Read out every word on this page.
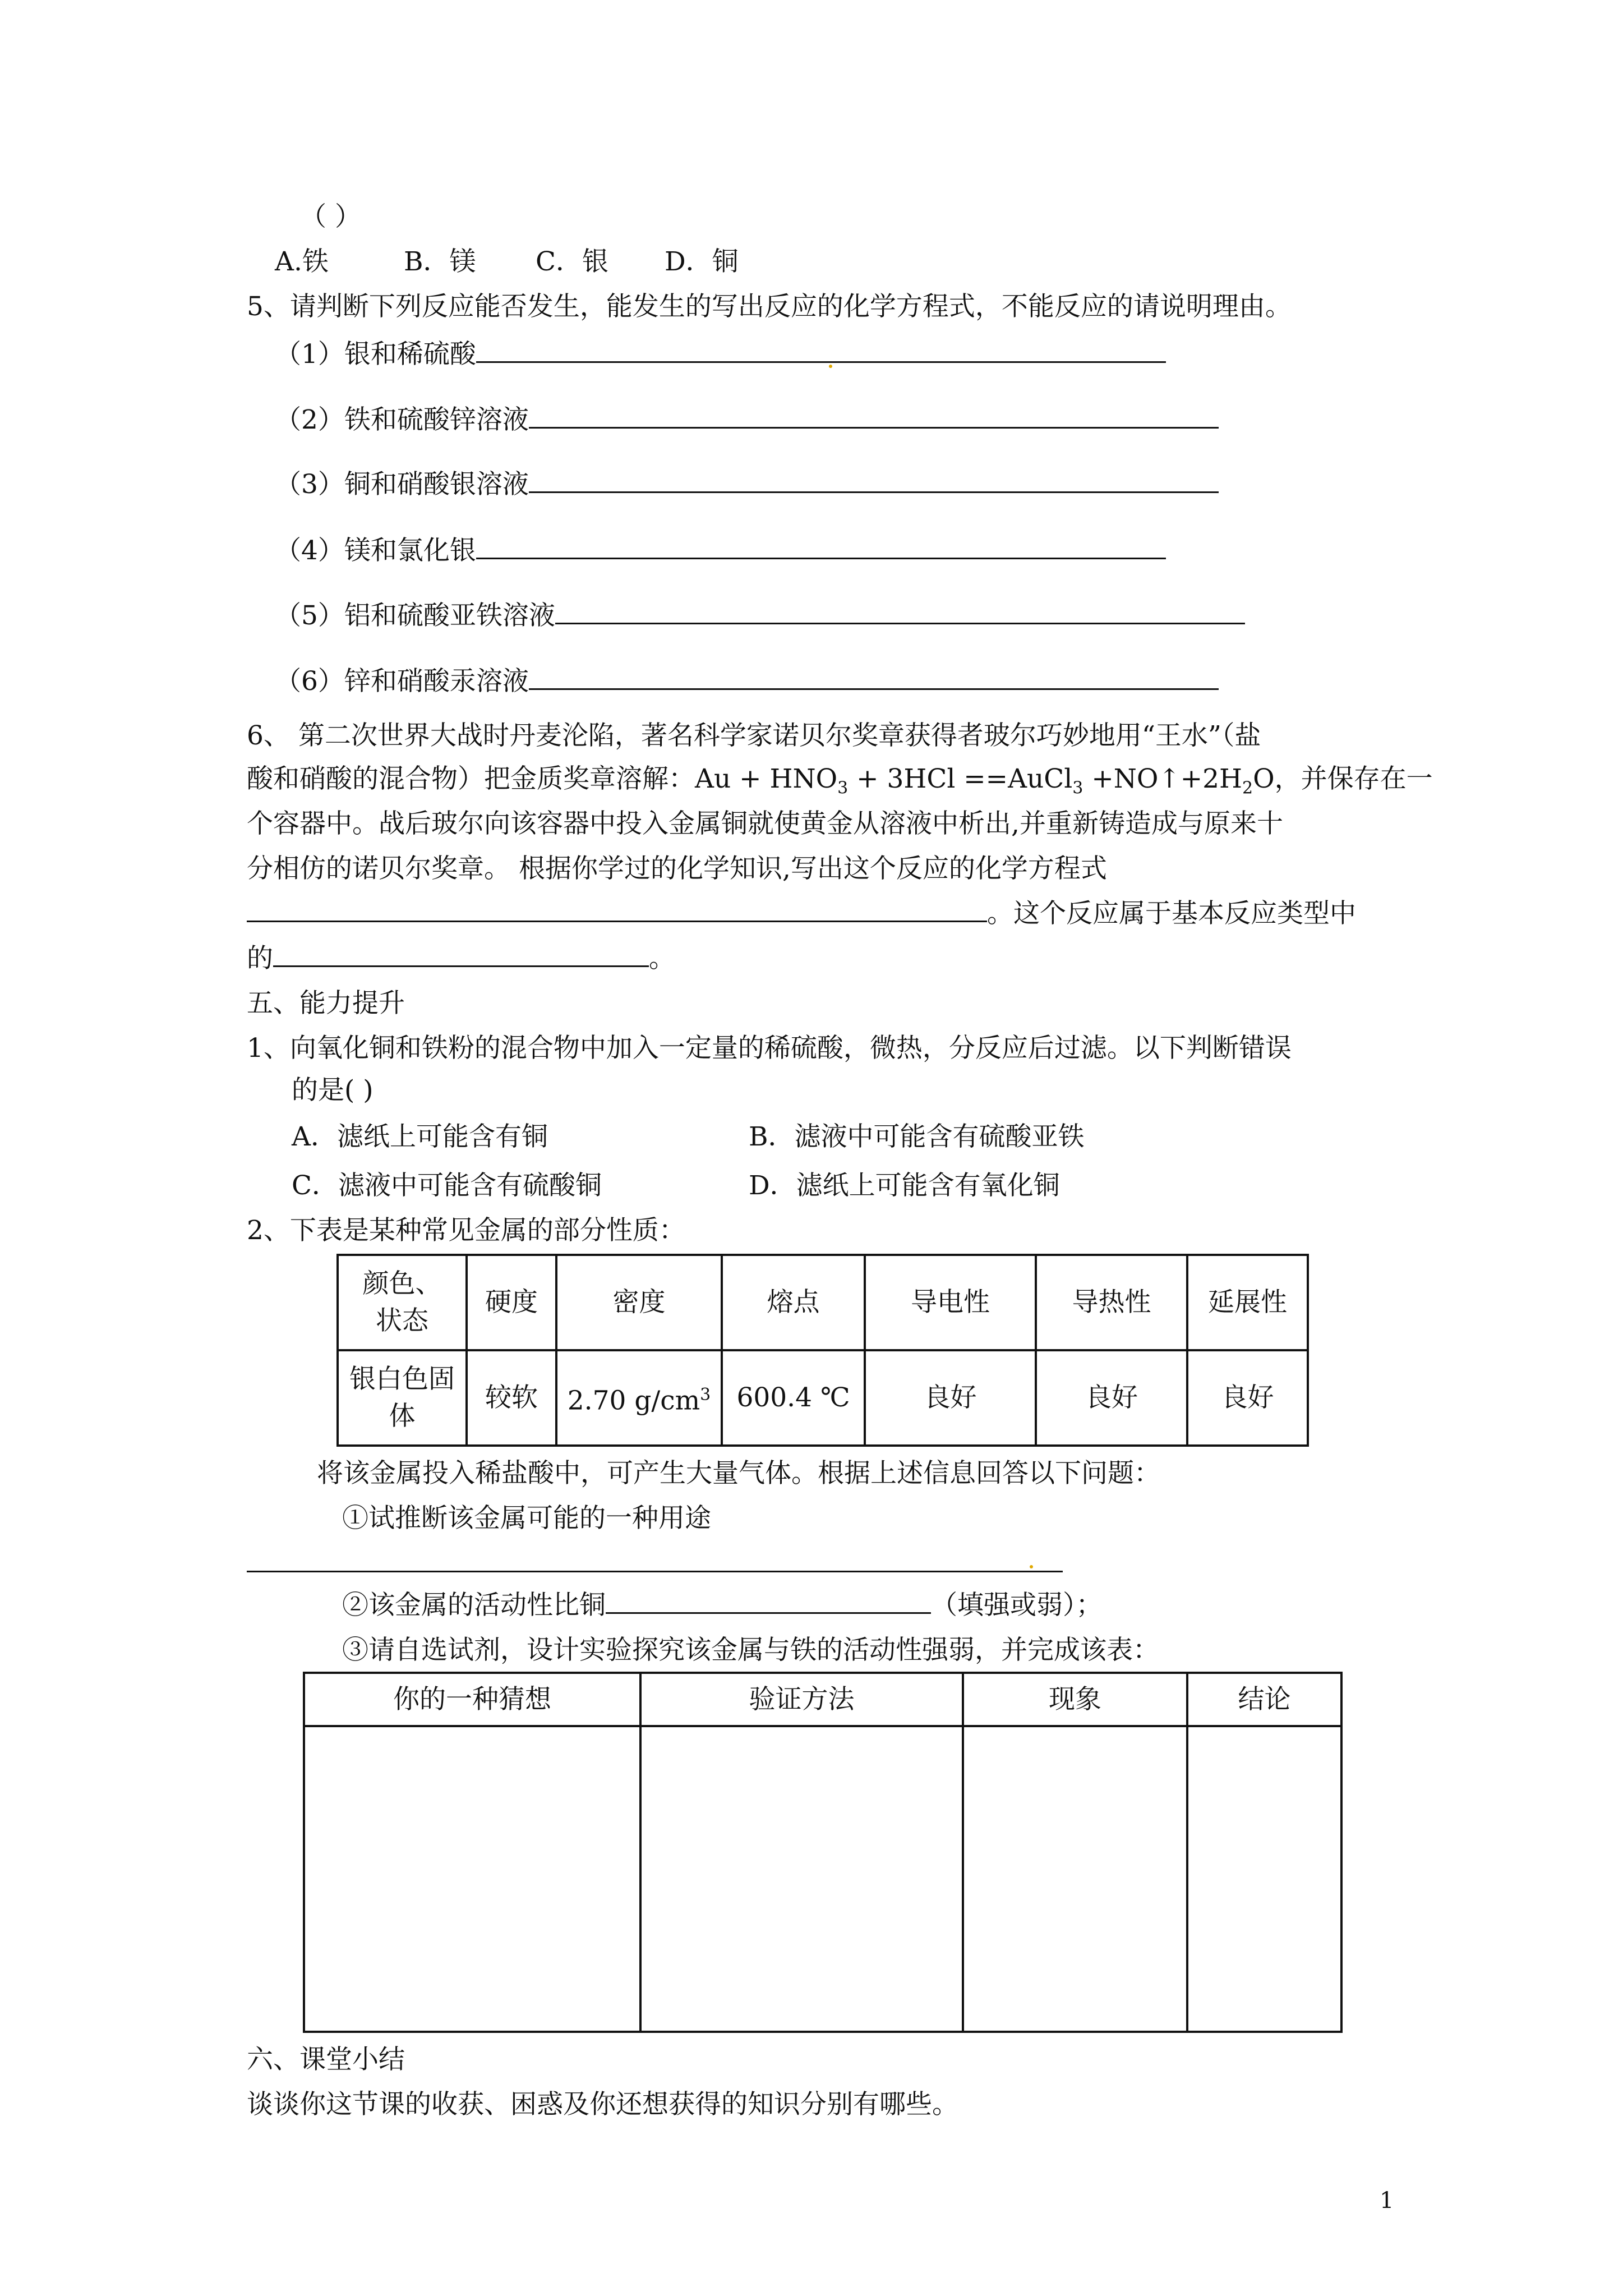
（ ）
A.铁	B．镁 C．银 D．铜
5、请判断下列反应能否发生，能发生的写出反应的化学方程式，不能反应的请说明理由。
（1）银和稀硫酸
（2）铁和硫酸锌溶液
（3）铜和硝酸银溶液
（4）镁和氯化银
（5）铝和硫酸亚铁溶液
（6）锌和硝酸汞溶液
6、 第二次世界大战时丹麦沦陷，著名科学家诺贝尔奖章获得者玻尔巧妙地用“王水”（盐
酸和硝酸的混合物）把金质奖章溶解：$Au + HNO_3 + 3HCl$ ==AuCl$_3$ $+NO↑+2H_2O$，并保存在一
个容器中。战后玻尔向该容器中投入金属铜就使黄金从溶液中析出,并重新铸造成与原来十
分相仿的诺贝尔奖章。 根据你学过的化学知识,写出这个反应的化学方程式
。这个反应属于基本反应类型中
的	。
五、能力提升
1、向氧化铜和铁粉的混合物中加入一定量的稀硫酸，微热，分反应后过滤。以下判断错误
的是( )
A．滤纸上可能含有铜	B．滤液中可能含有硫酸亚铁
C．滤液中可能含有硫酸铜	D．滤纸上可能含有氧化铜
2、下表是某种常见金属的部分性质：
颜色、
状态	硬度	密度	熔点	导电性	导热性	延展性
银白色固
体	较软	2.70 $g/cm^3$	600.4 ℃	良好	良好	良好
将该金属投入稀盐酸中，可产生大量气体。根据上述信息回答以下问题：
①试推断该金属可能的一种用途
②该金属的活动性比铜	（填强或弱）；
③请自选试剂，设计实验探究该金属与铁的活动性强弱，并完成该表：
你的一种猜想	验证方法	现象	结论

六、课堂小结
谈谈你这节课的收获、困惑及你还想获得的知识分别有哪些。
1
